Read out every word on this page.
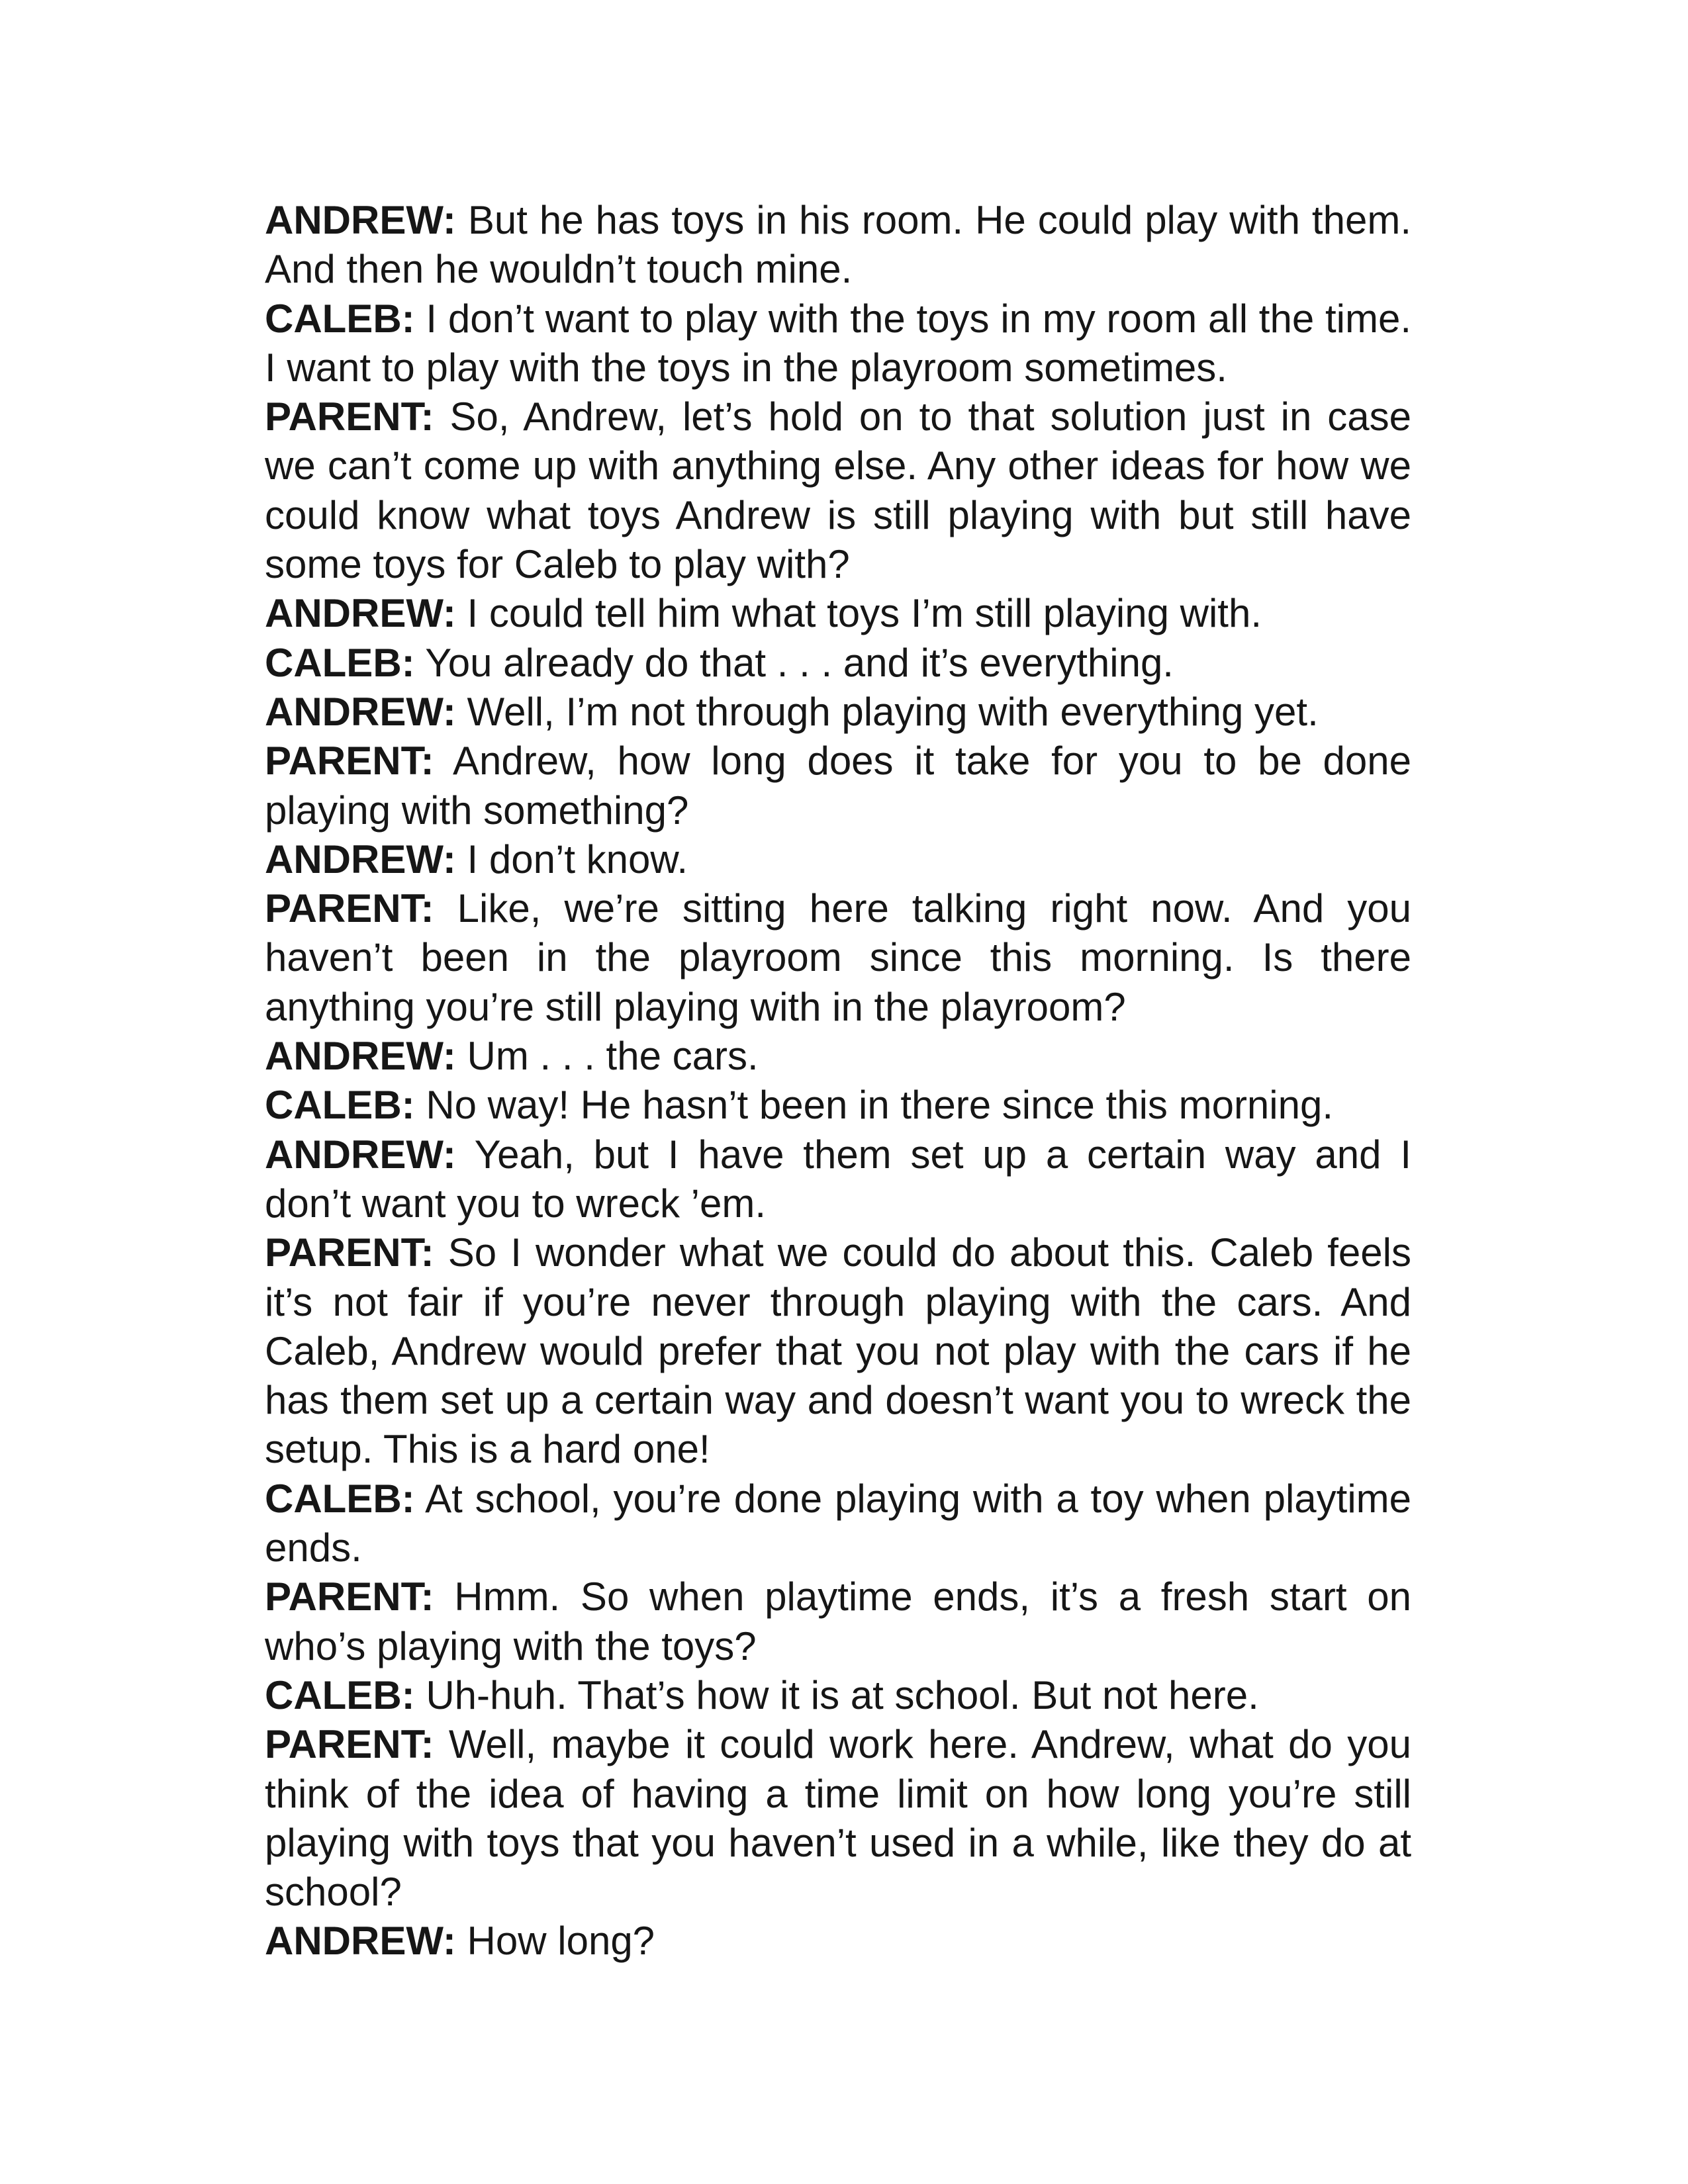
ANDREW: But he has toys in his room. He could play with them. And then he wouldn’t touch mine.

CALEB: I don’t want to play with the toys in my room all the time. I want to play with the toys in the playroom sometimes.

PARENT: So, Andrew, let’s hold on to that solution just in case we can’t come up with anything else. Any other ideas for how we could know what toys Andrew is still playing with but still have some toys for Caleb to play with?

ANDREW: I could tell him what toys I’m still playing with.

CALEB: You already do that . . . and it’s everything.

ANDREW: Well, I’m not through playing with everything yet.

PARENT: Andrew, how long does it take for you to be done playing with something?

ANDREW: I don’t know.

PARENT: Like, we’re sitting here talking right now. And you haven’t been in the playroom since this morning. Is there anything you’re still playing with in the playroom?

ANDREW: Um . . . the cars.

CALEB: No way! He hasn’t been in there since this morning.

ANDREW: Yeah, but I have them set up a certain way and I don’t want you to wreck ’em.

PARENT: So I wonder what we could do about this. Caleb feels it’s not fair if you’re never through playing with the cars. And Caleb, Andrew would prefer that you not play with the cars if he has them set up a certain way and doesn’t want you to wreck the setup. This is a hard one!

CALEB: At school, you’re done playing with a toy when playtime ends.

PARENT: Hmm. So when playtime ends, it’s a fresh start on who’s playing with the toys?

CALEB: Uh-huh. That’s how it is at school. But not here.

PARENT: Well, maybe it could work here. Andrew, what do you think of the idea of having a time limit on how long you’re still playing with toys that you haven’t used in a while, like they do at school?

ANDREW: How long?
